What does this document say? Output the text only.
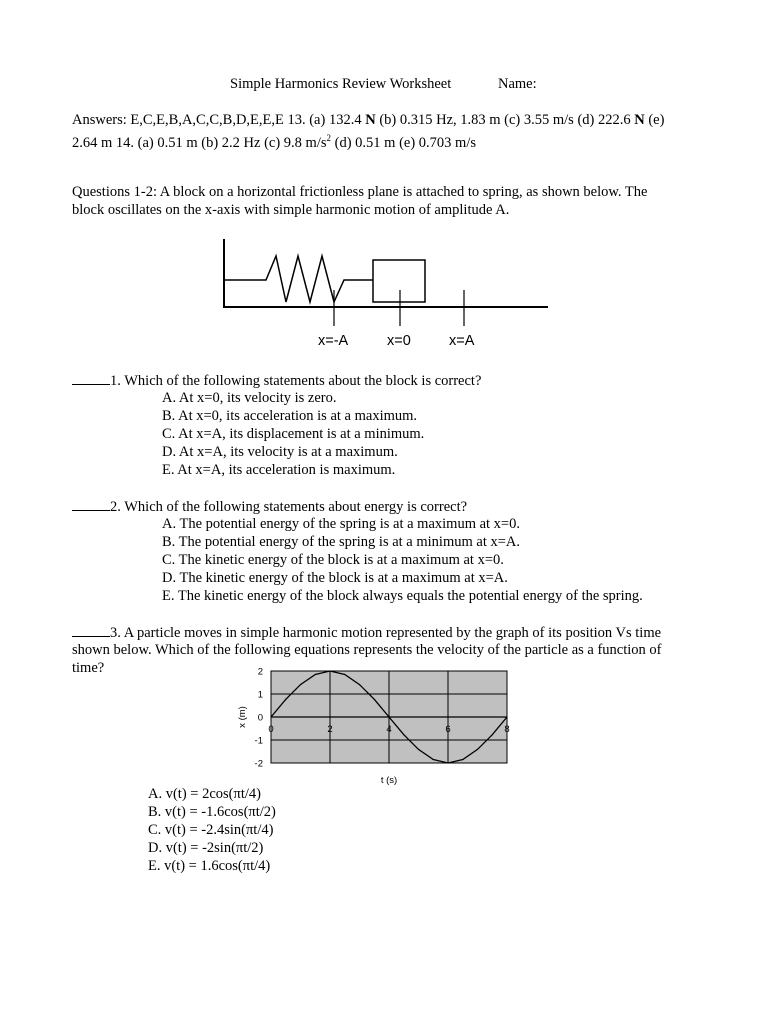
Simple Harmonics Review Worksheet	Name:
Answers: E,C,E,B,A,C,C,B,D,E,E,E 13. (a) 132.4 N (b) 0.315 Hz, 1.83 m (c) 3.55 m/s (d) 222.6 N (e)
2.64 m 14. (a) 0.51 m (b) 2.2 Hz (c) 9.8 $m/s^2$ (d) 0.51 m (e) 0.703 m/s
Questions 1-2: A block on a horizontal frictionless plane is attached to spring, as shown below. The
block oscillates on the x-axis with simple harmonic motion of amplitude A.
x=-A	x=0	x=A
1. Which of the following statements about the block is correct?
A. At x=0, its velocity is zero.
B. At x=0, its acceleration is at a maximum.
C. At x=A, its displacement is at a minimum.
D. At x=A, its velocity is at a maximum.
E. At x=A, its acceleration is maximum.
2. Which of the following statements about energy is correct?
A. The potential energy of the spring is at a maximum at x=0.
B. The potential energy of the spring is at a minimum at x=A.
C. The kinetic energy of the block is at a maximum at x=0.
D. The kinetic energy of the block is at a maximum at x=A.
E. The kinetic energy of the block always equals the potential energy of the spring.
3. A particle moves in simple harmonic motion represented by the graph of its position Vs time
shown below. Which of the following equations represents the velocity of the particle as a function of
time?	2
1
0
-1
-2
0	2	4	6	8
t (s)
x (m)
A. v(t) = 2cos(πt/4)
B. v(t) = -1.6cos(πt/2)
C. v(t) = -2.4sin(πt/4)
D. v(t) = -2sin(πt/2)
E. v(t) = 1.6cos(πt/4)
